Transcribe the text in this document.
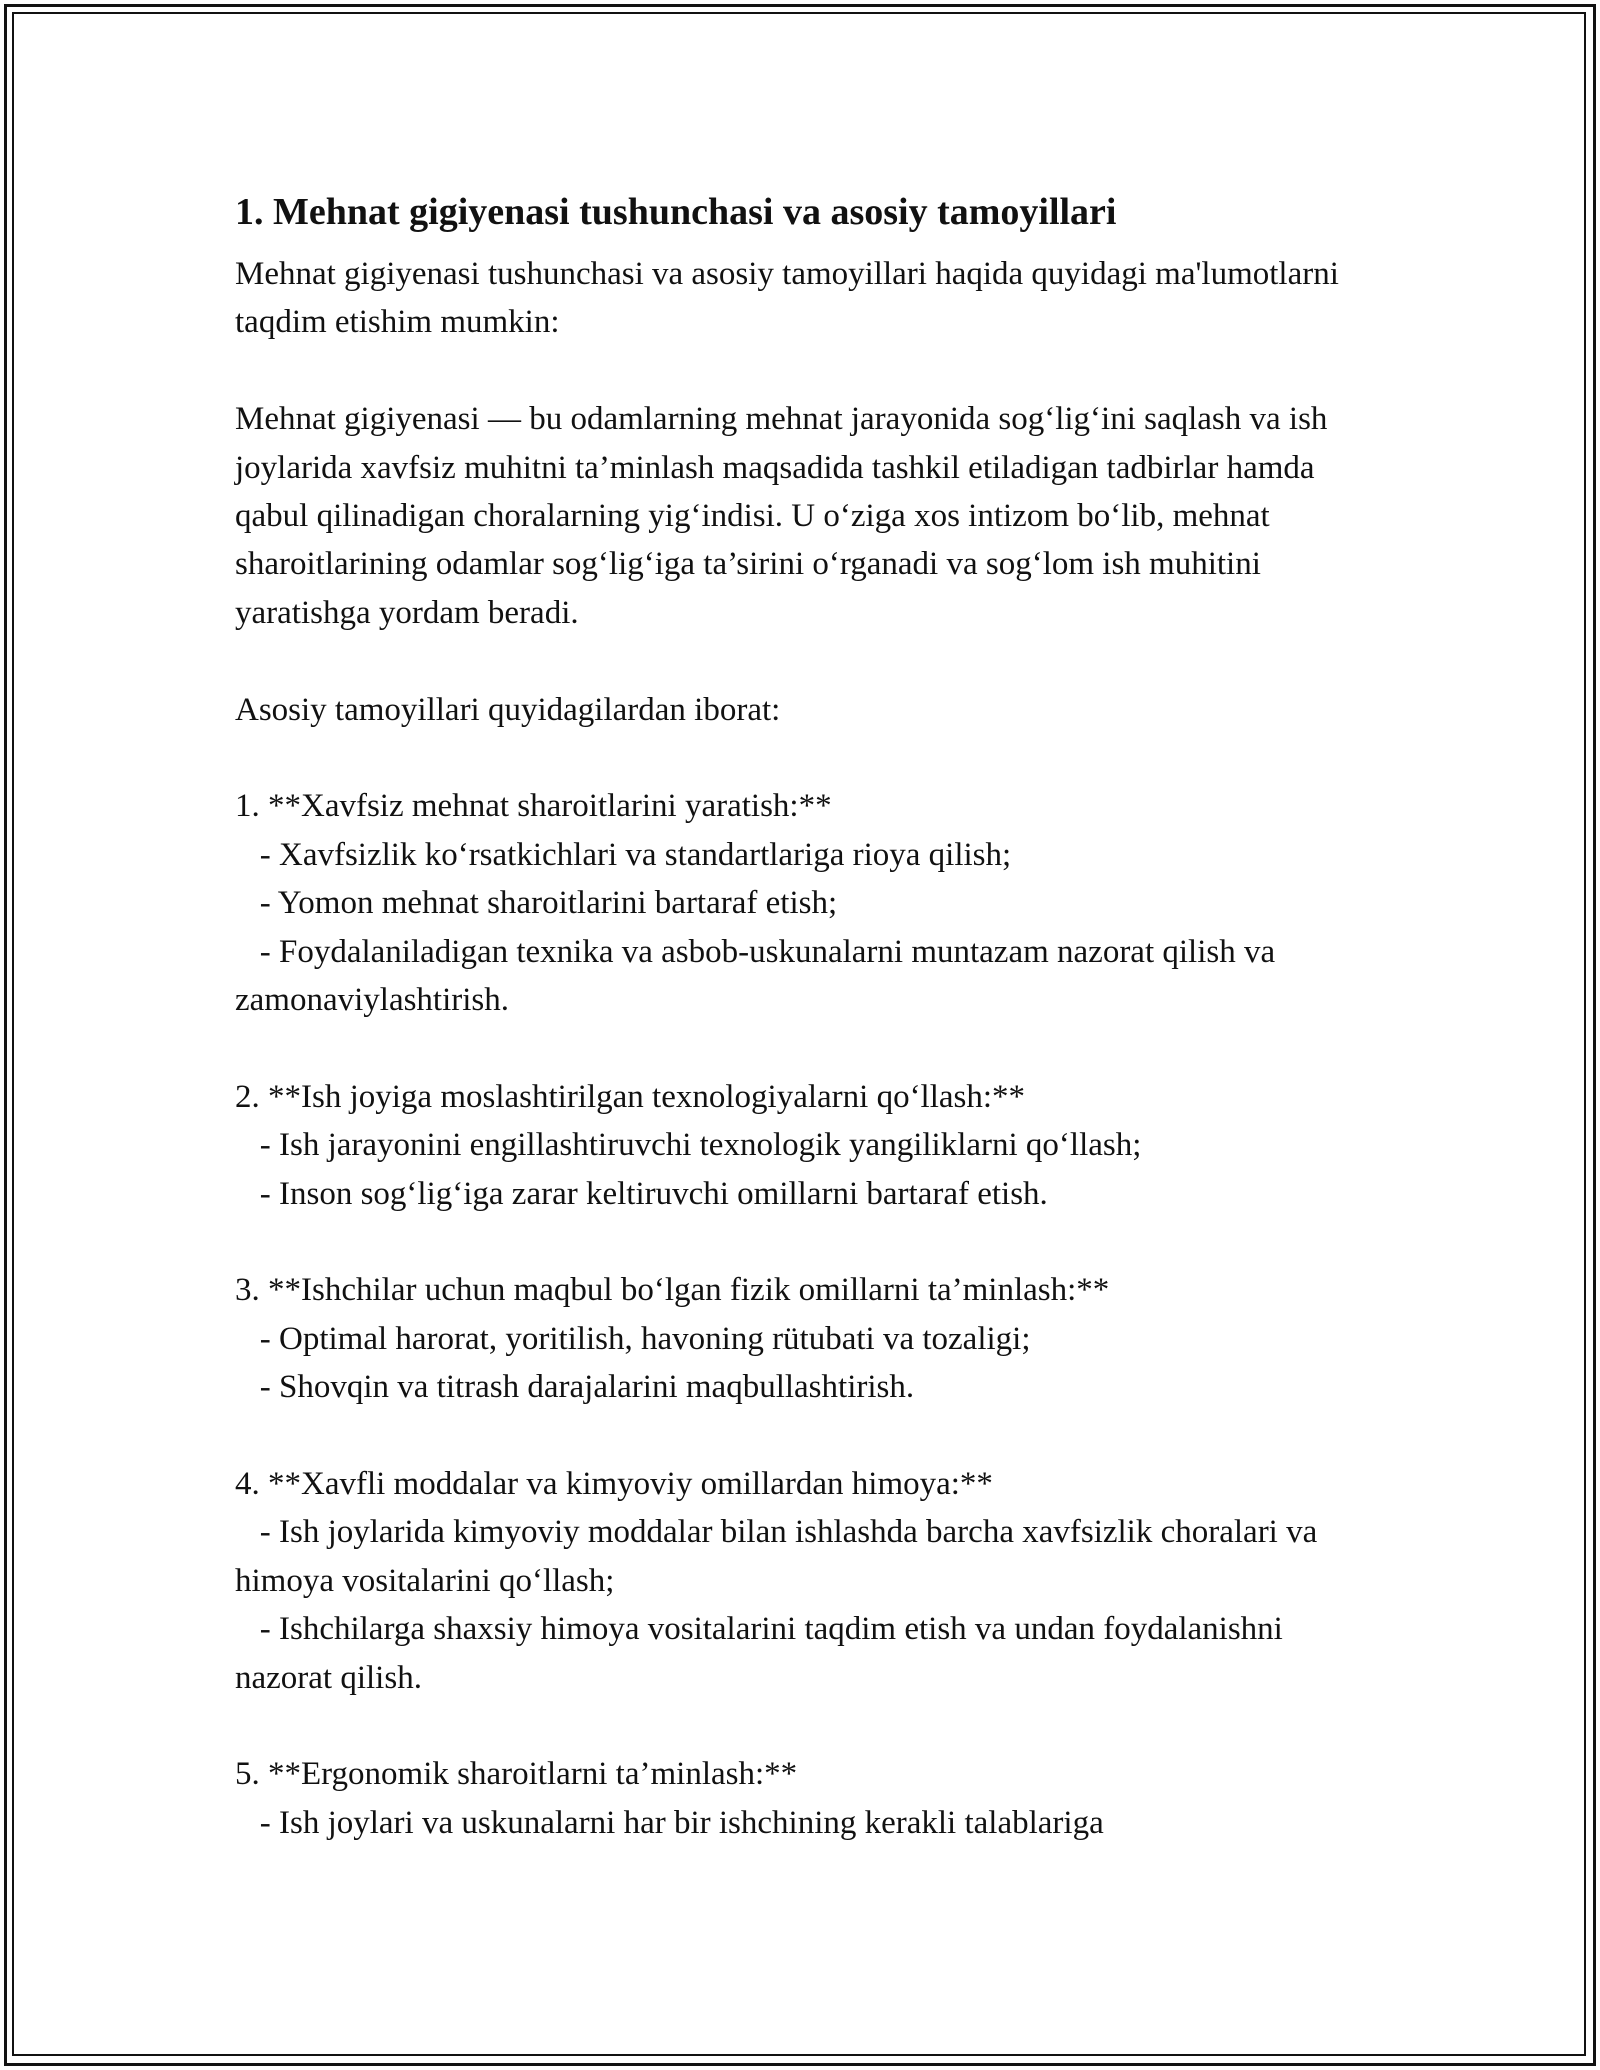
1. Mehnat gigiyenasi tushunchasi va asosiy tamoyillari

Mehnat gigiyenasi tushunchasi va asosiy tamoyillari haqida quyidagi ma'lumotlarni taqdim etishim mumkin:

Mehnat gigiyenasi — bu odamlarning mehnat jarayonida sog‘lig‘ini saqlash va ish joylarida xavfsiz muhitni ta’minlash maqsadida tashkil etiladigan tadbirlar hamda qabul qilinadigan choralarning yig‘indisi. U o‘ziga xos intizom bo‘lib, mehnat sharoitlarining odamlar sog‘lig‘iga ta’sirini o‘rganadi va sog‘lom ish muhitini yaratishga yordam beradi.

Asosiy tamoyillari quyidagilardan iborat:

1. **Xavfsiz mehnat sharoitlarini yaratish:**

- Xavfsizlik ko‘rsatkichlari va standartlariga rioya qilish;

- Yomon mehnat sharoitlarini bartaraf etish;

- Foydalaniladigan texnika va asbob-uskunalarni muntazam nazorat qilish va zamonaviylashtirish.

2. **Ish joyiga moslashtirilgan texnologiyalarni qo‘llash:**

- Ish jarayonini engillashtiruvchi texnologik yangiliklarni qo‘llash;

- Inson sog‘lig‘iga zarar keltiruvchi omillarni bartaraf etish.

3. **Ishchilar uchun maqbul bo‘lgan fizik omillarni ta’minlash:**

- Optimal harorat, yoritilish, havoning rütubati va tozaligi;

- Shovqin va titrash darajalarini maqbullashtirish.

4. **Xavfli moddalar va kimyoviy omillardan himoya:**

- Ish joylarida kimyoviy moddalar bilan ishlashda barcha xavfsizlik choralari va himoya vositalarini qo‘llash;

- Ishchilarga shaxsiy himoya vositalarini taqdim etish va undan foydalanishni nazorat qilish.

5. **Ergonomik sharoitlarni ta’minlash:**

- Ish joylari va uskunalarni har bir ishchining kerakli talablariga
